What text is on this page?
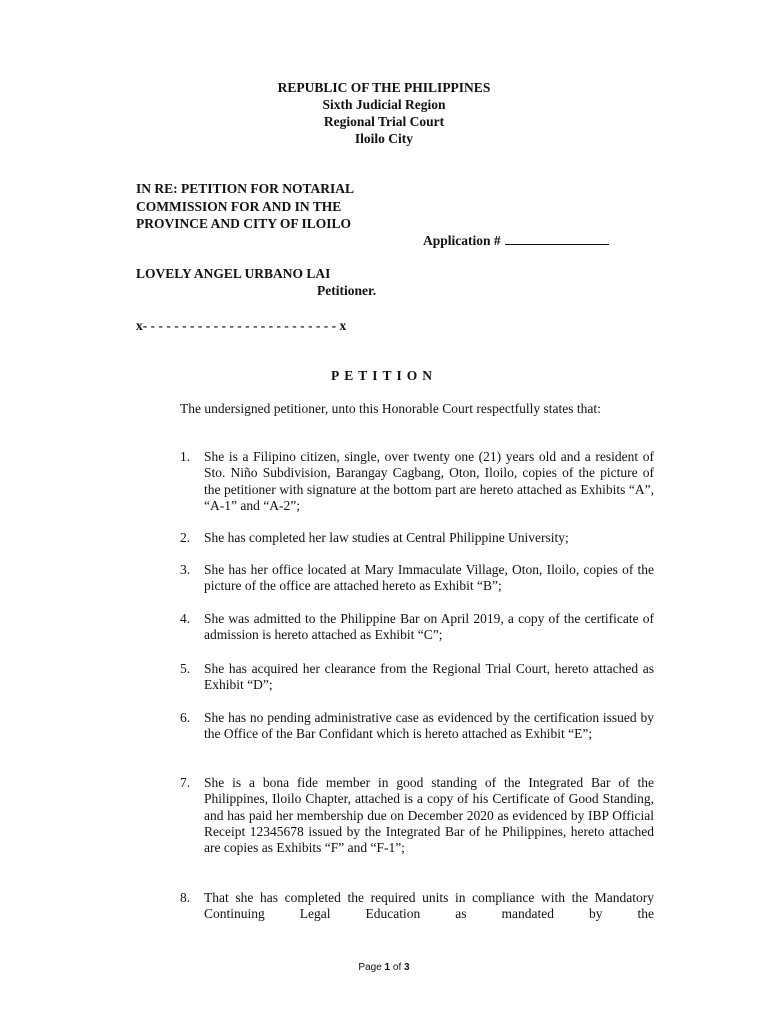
REPUBLIC OF THE PHILIPPINES
Sixth Judicial Region
Regional Trial Court
Iloilo City
IN RE: PETITION FOR NOTARIAL
COMMISSION FOR AND IN THE
PROVINCE AND CITY OF ILOILO
Application #
LOVELY ANGEL URBANO LAI
Petitioner.
x- - - - - - - - - - - - - - - - - - - - - - - - - x
PETITION
The undersigned petitioner, unto this Honorable Court respectfully states that:
1. She is a Filipino citizen, single, over twenty one (21) years old and a resident of Sto. Niño Subdivision, Barangay Cagbang, Oton, Iloilo, copies of the picture of the petitioner with signature at the bottom part are hereto attached as Exhibits “A”, “A-1” and “A-2”;
2. She has completed her law studies at Central Philippine University;
3. She has her office located at Mary Immaculate Village, Oton, Iloilo, copies of the picture of the office are attached hereto as Exhibit “B”;
4. She was admitted to the Philippine Bar on April 2019, a copy of the certificate of admission is hereto attached as Exhibit “C”;
5. She has acquired her clearance from the Regional Trial Court, hereto attached as Exhibit “D”;
6. She has no pending administrative case as evidenced by the certification issued by the Office of the Bar Confidant which is hereto attached as Exhibit “E”;
7. She is a bona fide member in good standing of the Integrated Bar of the Philippines, Iloilo Chapter, attached is a copy of his Certificate of Good Standing, and has paid her membership due on December 2020 as evidenced by IBP Official Receipt 12345678 issued by the Integrated Bar of he Philippines, hereto attached are copies as Exhibits “F” and “F-1”;
8. That she has completed the required units in compliance with the Mandatory Continuing Legal Education as mandated by the
Page 1 of 3
